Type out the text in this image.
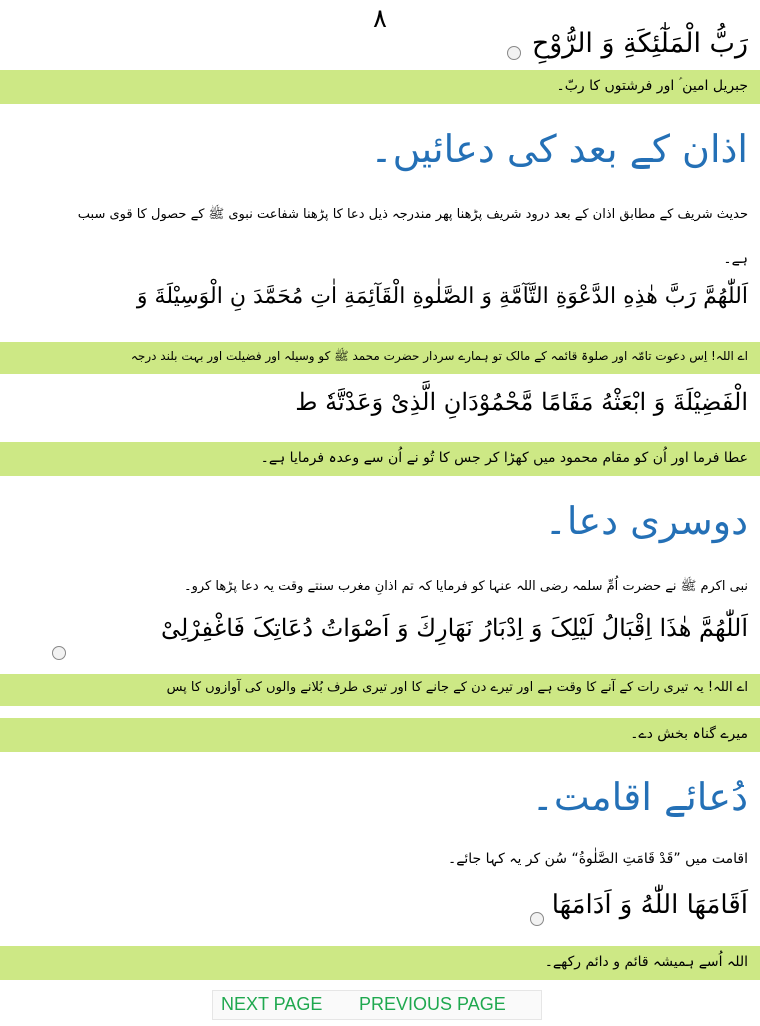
٨
رَبُّ الْمَلٰٓئِكَةِ وَ الرُّوْحِ
جبریل امین ؑ اور فرشتوں کا ربّ۔
اذان کے بعد کی دعائیں۔
حدیث شریف کے مطابق اذان کے بعد درود شریف پڑھنا پھر مندرجہ ذیل دعا کا پڑھنا شفاعت نبوی ﷺ کے حصول کا قوی سبب
ہے۔
اَللّٰهُمَّ رَبَّ هٰذِهِ الدَّعْوَةِ التَّآمَّةِ وَ الصَّلٰوةِ الْقَآئِمَةِ اٰتِ مُحَمَّدَ نِ الْوَسِیْلَةَ وَ
اے اللہ! اِس دعوت تامّہ اور صلوۃ قائمہ کے مالک تو ہمارے سردار حضرت محمد ﷺ کو وسیلہ اور فضیلت اور بہت بلند درجہ
الْفَضِیْلَةَ وَ ابْعَثْهُ مَقَامًا مَّحْمُوْدَانِ الَّذِیْ وَعَدْتَّهٗ ط
عطا فرما اور اُن کو مقام محمود میں کھڑا کر جس کا تُو نے اُن سے وعدہ فرمایا ہے۔
دوسری دعا۔
نبی اکرم ﷺ نے حضرت اُمِّ سلمہ رضی اللہ عنہا کو فرمایا کہ تم اذانِ مغرب سنتے وقت یہ دعا پڑھا کرو۔
اَللّٰهُمَّ هٰذَا اِقْبَالُ لَیْلِکَ وَ اِدْبَارُ نَهَارِكَ وَ اَصْوَاتُ دُعَاتِکَ فَاغْفِرْلِیْ
اے اللہ! یہ تیری رات کے آنے کا وقت ہے اور تیرے دن کے جانے کا اور تیری طرف بُلانے والوں کی آوازوں کا پس
میرے گناہ بخش دے۔
دُعائے اقامت۔
اقامت میں ”قَدْ قَامَتِ الصَّلٰوةُ“ سُن کر یہ کہا جائے۔
اَقَامَهَا اللّٰهُ وَ اَدَامَهَا
اللہ اُسے ہمیشہ قائم و دائم رکھے۔
NEXT PAGE PREVIOUS PAGE
